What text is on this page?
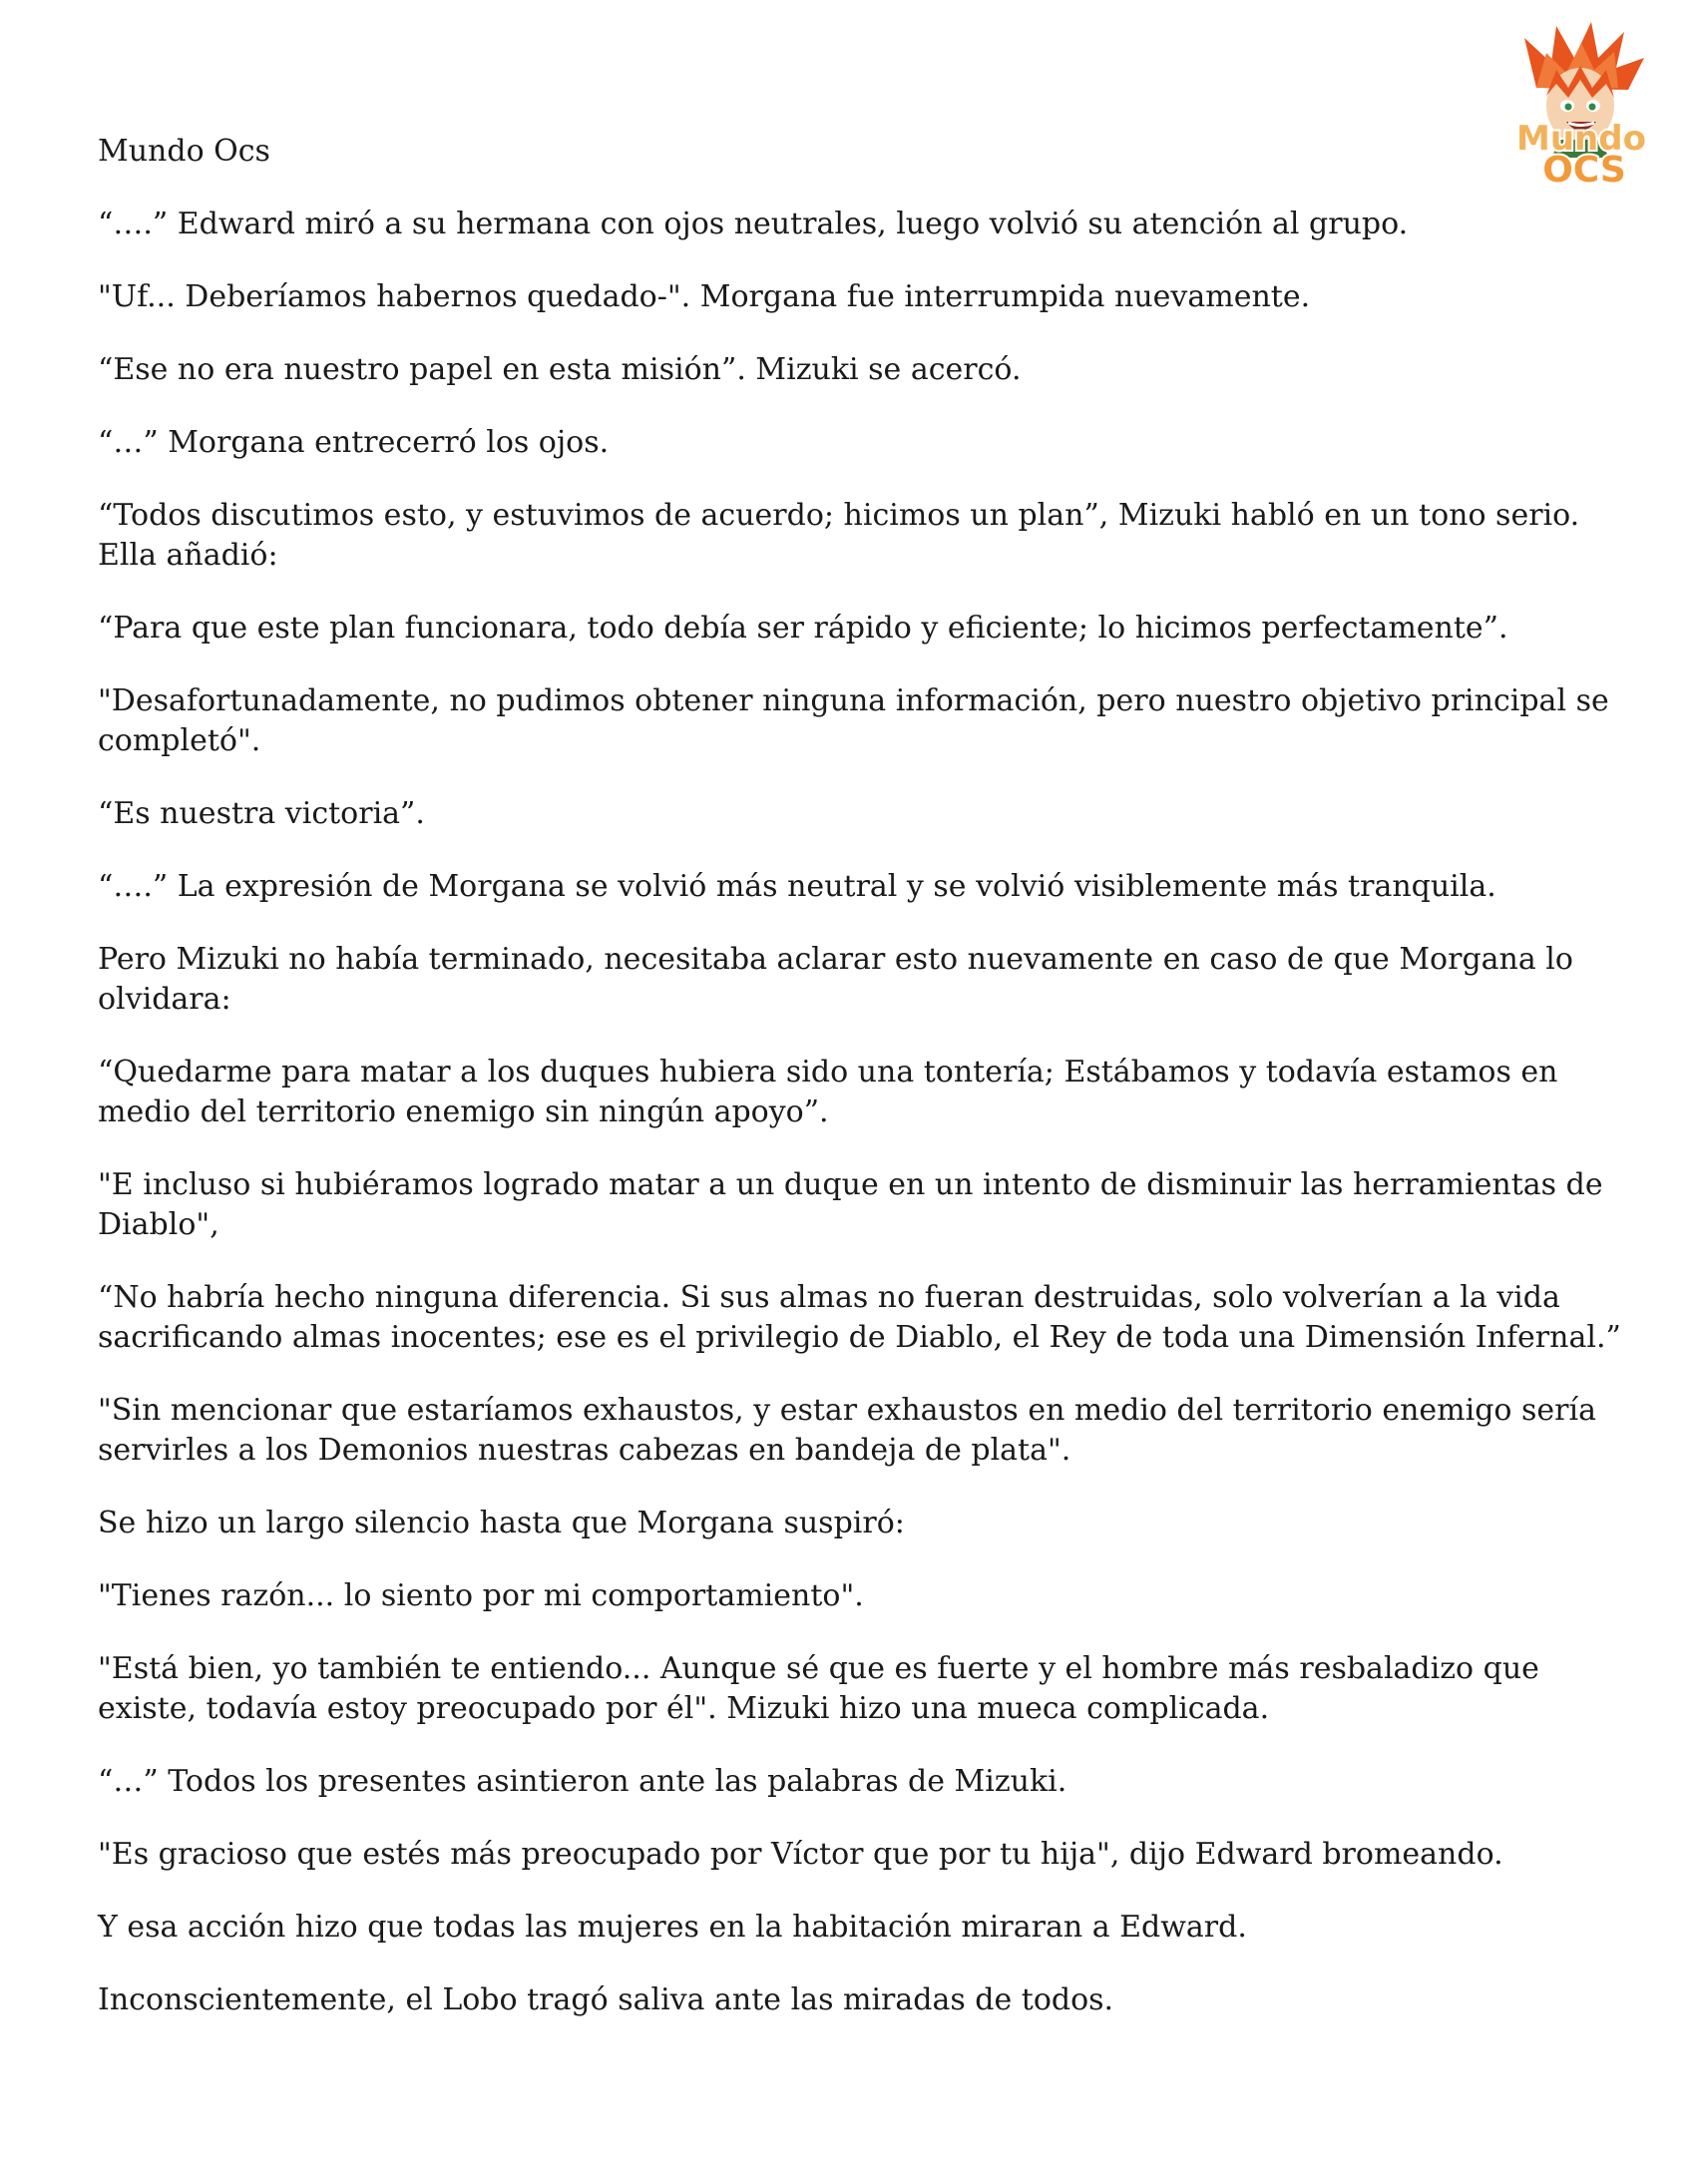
Mundo
OCS

Mundo Ocs

“….” Edward miró a su hermana con ojos neutrales, luego volvió su atención al grupo.

"Uf... Deberíamos habernos quedado-". Morgana fue interrumpida nuevamente.

“Ese no era nuestro papel en esta misión”. Mizuki se acercó.

“…” Morgana entrecerró los ojos.

“Todos discutimos esto, y estuvimos de acuerdo; hicimos un plan”, Mizuki habló en un tono serio. Ella añadió:

“Para que este plan funcionara, todo debía ser rápido y eficiente; lo hicimos perfectamente”.

"Desafortunadamente, no pudimos obtener ninguna información, pero nuestro objetivo principal se completó".

“Es nuestra victoria”.

“….” La expresión de Morgana se volvió más neutral y se volvió visiblemente más tranquila.

Pero Mizuki no había terminado, necesitaba aclarar esto nuevamente en caso de que Morgana lo olvidara:

“Quedarme para matar a los duques hubiera sido una tontería; Estábamos y todavía estamos en medio del territorio enemigo sin ningún apoyo”.

"E incluso si hubiéramos logrado matar a un duque en un intento de disminuir las herramientas de Diablo",

“No habría hecho ninguna diferencia. Si sus almas no fueran destruidas, solo volverían a la vida sacrificando almas inocentes; ese es el privilegio de Diablo, el Rey de toda una Dimensión Infernal.”

"Sin mencionar que estaríamos exhaustos, y estar exhaustos en medio del territorio enemigo sería servirles a los Demonios nuestras cabezas en bandeja de plata".

Se hizo un largo silencio hasta que Morgana suspiró:

"Tienes razón... lo siento por mi comportamiento".

"Está bien, yo también te entiendo... Aunque sé que es fuerte y el hombre más resbaladizo que existe, todavía estoy preocupado por él". Mizuki hizo una mueca complicada.

“…” Todos los presentes asintieron ante las palabras de Mizuki.

"Es gracioso que estés más preocupado por Víctor que por tu hija", dijo Edward bromeando.

Y esa acción hizo que todas las mujeres en la habitación miraran a Edward.

Inconscientemente, el Lobo tragó saliva ante las miradas de todos.
